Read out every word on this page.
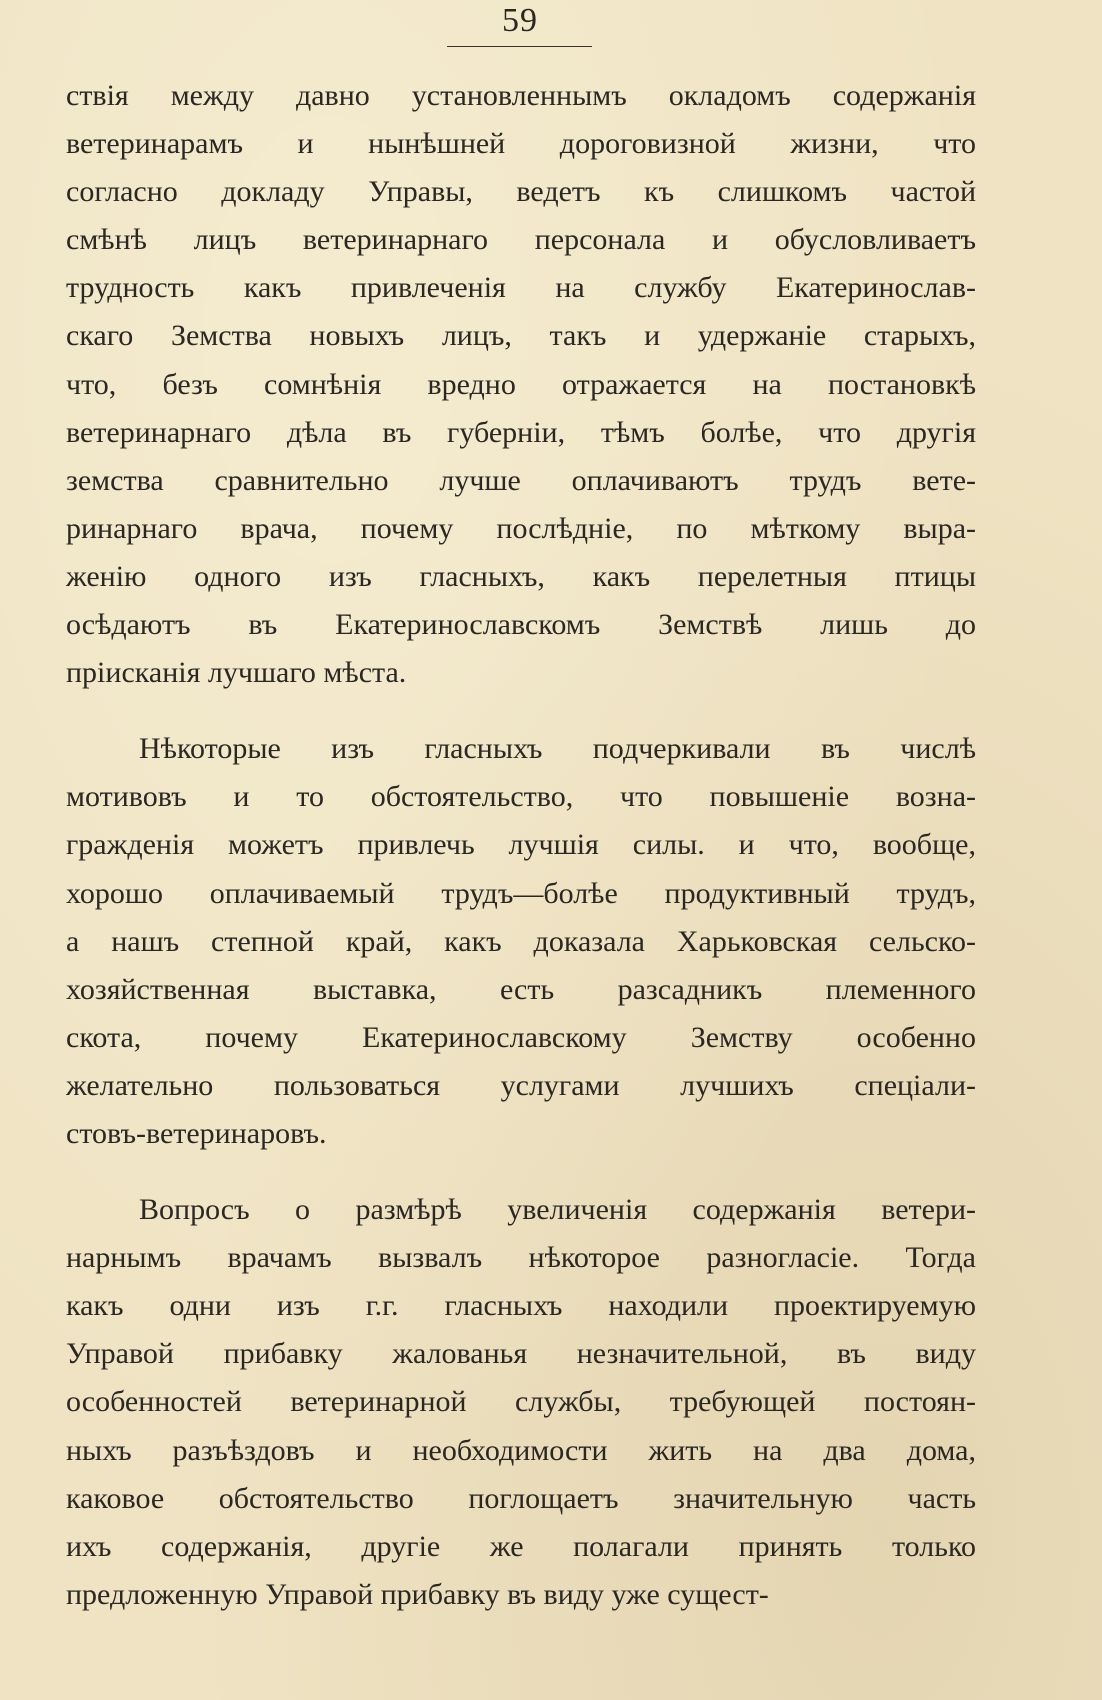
59
ствія между давно установленнымъ окладомъ содержанія
ветеринарамъ и нынѣшней дороговизной жизни, что
согласно докладу Управы, ведетъ къ слишкомъ частой
смѣнѣ лицъ ветеринарнаго персонала и обусловливаетъ
трудность какъ привлеченія на службу Екатеринослав-
скаго Земства новыхъ лицъ, такъ и удержаніе старыхъ,
что, безъ сомнѣнія вредно отражается на постановкѣ
ветеринарнаго дѣла въ губерніи, тѣмъ болѣе, что другія
земства сравнительно лучше оплачиваютъ трудъ вете-
ринарнаго врача, почему послѣдніе, по мѣткому выра-
женію одного изъ гласныхъ, какъ перелетныя птицы
осѣдаютъ въ Екатеринославскомъ Земствѣ лишь до
пріисканія лучшаго мѣста.
Нѣкоторые изъ гласныхъ подчеркивали въ числѣ
мотивовъ и то обстоятельство, что повышеніе возна-
гражденія можетъ привлечь лучшія силы. и что, вообще,
хорошо оплачиваемый трудъ—болѣе продуктивный трудъ,
а нашъ степной край, какъ доказала Харьковская сельско-
хозяйственная выставка, есть разсадникъ племенного
скота, почему Екатеринославскому Земству особенно
желательно пользоваться услугами лучшихъ спеціали-
стовъ-ветеринаровъ.
Вопросъ о размѣрѣ увеличенія содержанія ветери-
нарнымъ врачамъ вызвалъ нѣкоторое разногласіе. Тогда
какъ одни изъ г.г. гласныхъ находили проектируемую
Управой прибавку жалованья незначительной, въ виду
особенностей ветеринарной службы, требующей постоян-
ныхъ разъѣздовъ и необходимости жить на два дома,
каковое обстоятельство поглощаетъ значительную часть
ихъ содержанія, другіе же полагали принять только
предложенную Управой прибавку въ виду уже сущест-
